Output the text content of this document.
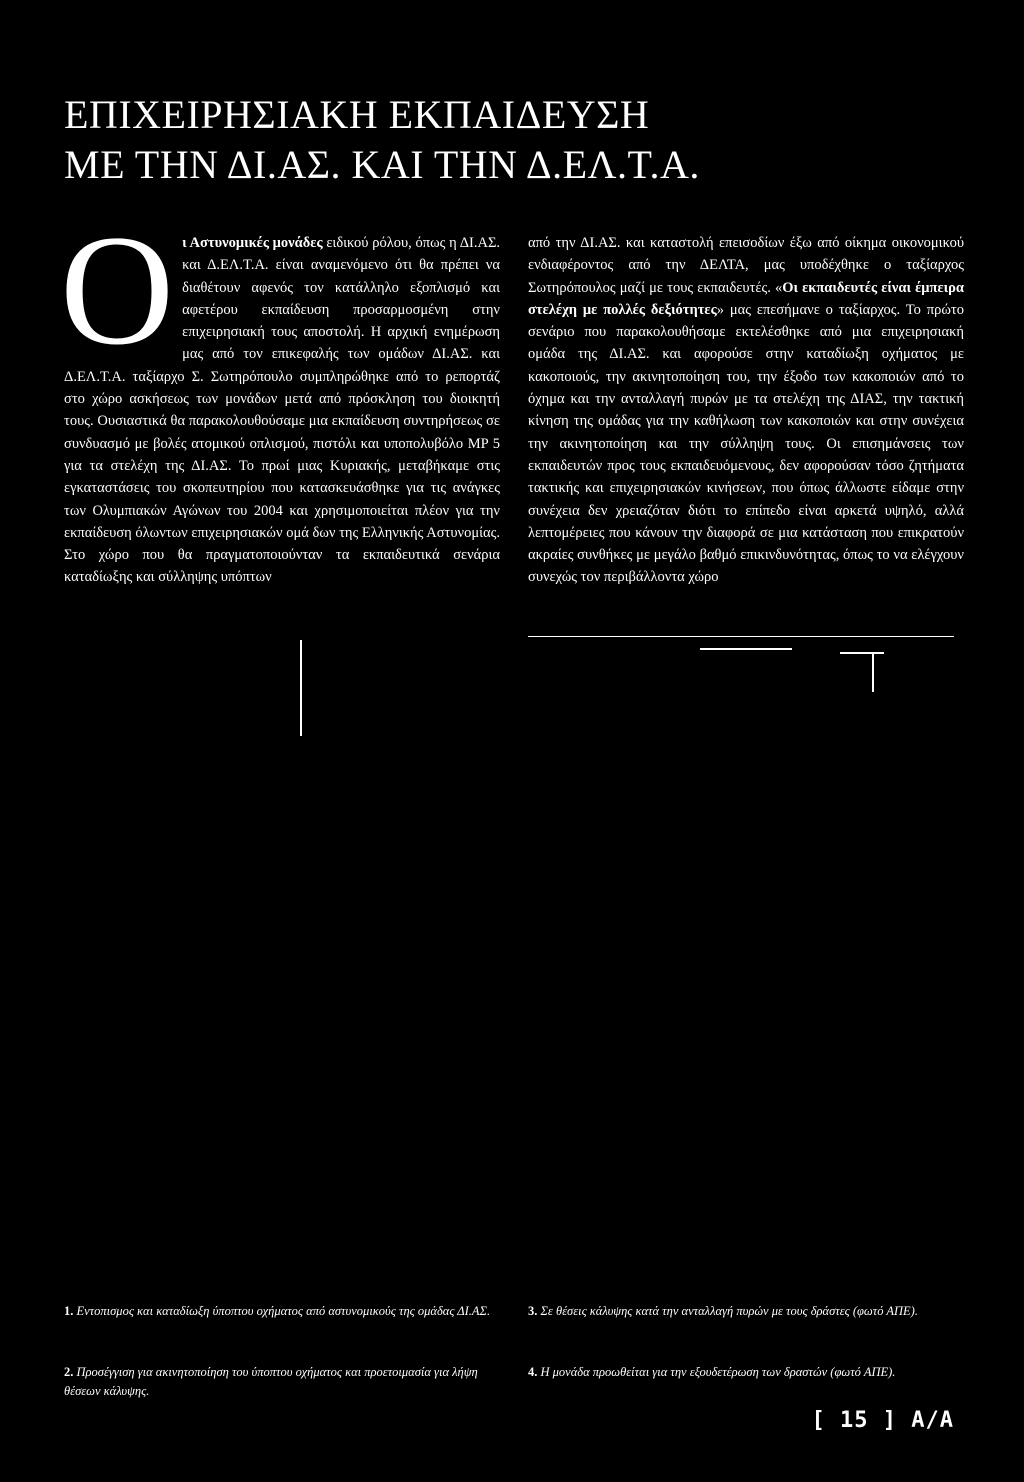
ΕΠΙΧΕΙΡΗΣΙΑΚΗ ΕΚΠΑΙΔΕΥΣΗ
ΜΕ ΤΗΝ ΔΙ.ΑΣ. ΚΑΙ ΤΗΝ Δ.ΕΛ.Τ.Α.

Oι Αστυνομικές μονάδες ειδικού ρόλου, όπως η ΔΙ.ΑΣ. και Δ.ΕΛ.Τ.Α. είναι αναμενόμενο ότι θα πρέπει να διαθέτουν αφενός τον κατάλληλο εξοπλισμό και αφετέρου εκπαίδευση προσαρμοσμένη στην επιχειρησιακή τους αποστολή. Η αρχική ενημέρωση μας από τον επικεφαλής των ομάδων ΔΙ.ΑΣ. και Δ.ΕΛ.Τ.Α. ταξίαρχο Σ. Σωτηρόπουλο συμπληρώθηκε από το ρεπορτάζ στο χώρο ασκήσεως των μονάδων μετά από πρόσκληση του διοικητή τους. Ουσιαστικά θα παρακολουθούσαμε μια εκπαίδευση συντηρήσεως σε συνδυασμό με βολές ατομικού οπλισμού, πιστόλι και υποπολυβόλο MP 5 για τα στελέχη της ΔΙ.ΑΣ. Το πρωί μιας Κυριακής, μεταβήκαμε στις εγκαταστάσεις του σκοπευτηρίου που κατασκευάσθηκε για τις ανάγκες των Ολυμπιακών Αγώνων του 2004 και χρησιμοποιείται πλέον για την εκπαίδευση όλωντων επιχειρησιακών ομά δων της Ελληνικής Αστυνομίας. Στο χώρο που θα πραγματοποιούνταν τα εκπαιδευτικά σενάρια καταδίωξης και σύλληψης υπόπτων

από την ΔΙ.ΑΣ. και καταστολή επεισοδίων έξω από οίκημα οικονομικού ενδιαφέροντος από την ΔΕΛΤΑ, μας υποδέχθηκε ο ταξίαρχος Σωτηρόπουλος μαζί με τους εκπαιδευτές. «Οι εκπαιδευτές είναι έμπειρα στελέχη με πολλές δεξιότητες» μας επεσήμανε ο ταξίαρχος. Το πρώτο σενάριο που παρακολουθήσαμε εκτελέσθηκε από μια επιχειρησιακή ομάδα της ΔΙ.ΑΣ. και αφορούσε στην καταδίωξη οχήματος με κακοποιούς, την ακινητοποίηση του, την έξοδο των κακοποιών από το όχημα και την ανταλλαγή πυρών με τα στελέχη της ΔΙΑΣ, την τακτική κίνηση της ομάδας για την καθήλωση των κακοποιών και στην συνέχεια την ακινητοποίηση και την σύλληψη τους. Οι επισημάνσεις των εκπαιδευτών προς τους εκπαιδευόμενους, δεν αφορούσαν τόσο ζητήματα τακτικής και επιχειρησιακών κινήσεων, που όπως άλλωστε είδαμε στην συνέχεια δεν χρειαζόταν διότι το επίπεδο είναι αρκετά υψηλό, αλλά λεπτομέρειες που κάνουν την διαφορά σε μια κατάσταση που επικρατούν ακραίες συνθήκες με μεγάλο βαθμό επικινδυνότητας, όπως το να ελέγχουν συνεχώς τον περιβάλλοντα χώρο

1. Εντοπισμος και καταδίωξη ύποπτου οχήματος από αστυνομικούς της ομάδας ΔΙ.ΑΣ.	3. Σε θέσεις κάλυψης κατά την ανταλλαγή πυρών με τους δράστες (φωτό ΑΠΕ).
2. Προσέγγιση για ακινητοποίηση του ύποπτου οχήματος και προετοιμασία για λήψη θέσεων κάλυψης.
4. Η μονάδα προωθείται για την εξουδετέρωση των δραστών (φωτό ΑΠΕ).
[ 15 ] Α/Α
